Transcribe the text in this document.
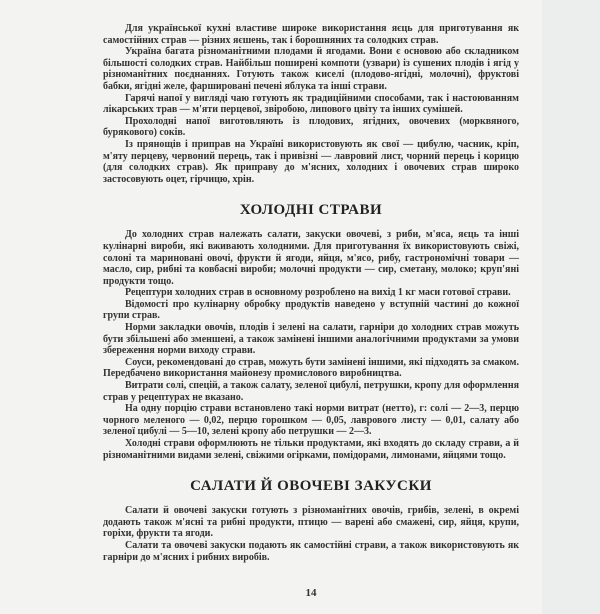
Для української кухні властиве широке використання яєць для приготування як самостійних страв — різних яєшень, так і борошняних та солодких страв.

Україна багата різноманітними плодами й ягодами. Вони є основою або складником більшості солодких страв. Найбільш поширені компоти (узвари) із сушених плодів і ягід у різноманітних поєднаннях. Готують також киселі (плодово-ягідні, молочні), фруктові бабки, ягідні желе, фаршировані печені яблука та інші страви.

Гарячі напої у вигляді чаю готують як традиційними способами, так і настоюванням лікарських трав — м'яти перцевої, звіробою, липового цвіту та інших сумішей.

Прохолодні напої виготовляють із плодових, ягідних, овочевих (морквяного, бурякового) соків.

Із прянощів і приправ на Україні використовують як свої — цибулю, часник, кріп, м'яту перцеву, червоний перець, так і привізні — лавровий лист, чорний перець і корицю (для солодких страв). Як приправу до м'ясних, холодних і овочевих страв широко застосовують оцет, гірчицю, хрін.

ХОЛОДНІ СТРАВИ

До холодних страв належать салати, закуски овочеві, з риби, м'яса, яєць та інші кулінарні вироби, які вживають холодними. Для приготування їх використовують свіжі, солоні та мариновані овочі, фрукти й ягоди, яйця, м'ясо, рибу, гастрономічні товари — масло, сир, рибні та ковбасні вироби; молочні продукти — сир, сметану, молоко; круп'яні продукти тощо.

Рецептури холодних страв в основному розроблено на вихід 1 кг маси готової страви.

Відомості про кулінарну обробку продуктів наведено у вступній частині до кожної групи страв.

Норми закладки овочів, плодів і зелені на салати, гарніри до холодних страв можуть бути збільшені або зменшені, а також замінені іншими аналогічними продуктами за умови збереження норми виходу страви.

Соуси, рекомендовані до страв, можуть бути замінені іншими, які підходять за смаком. Передбачено використання майонезу промислового виробництва.

Витрати солі, спецій, а також салату, зеленої цибулі, петрушки, кропу для оформлення страв у рецептурах не вказано.

На одну порцію страви встановлено такі норми витрат (нетто), г: солі — 2—3, перцю чорного меленого — 0,02, перцю горошком — 0,05, лаврового листу — 0,01, салату або зеленої цибулі — 5—10, зелені кропу або петрушки — 2—3.

Холодні страви оформлюють не тільки продуктами, які входять до складу страви, а й різноманітними видами зелені, свіжими огірками, помідорами, лимонами, яйцями тощо.

САЛАТИ Й ОВОЧЕВІ ЗАКУСКИ

Салати й овочеві закуски готують з різноманітних овочів, грибів, зелені, в окремі додають також м'ясні та рибні продукти, птицю — варені або смажені, сир, яйця, крупи, горіхи, фрукти та ягоди.

Салати та овочеві закуски подають як самостійні страви, а також використовують як гарніри до м'ясних і рибних виробів.

14
